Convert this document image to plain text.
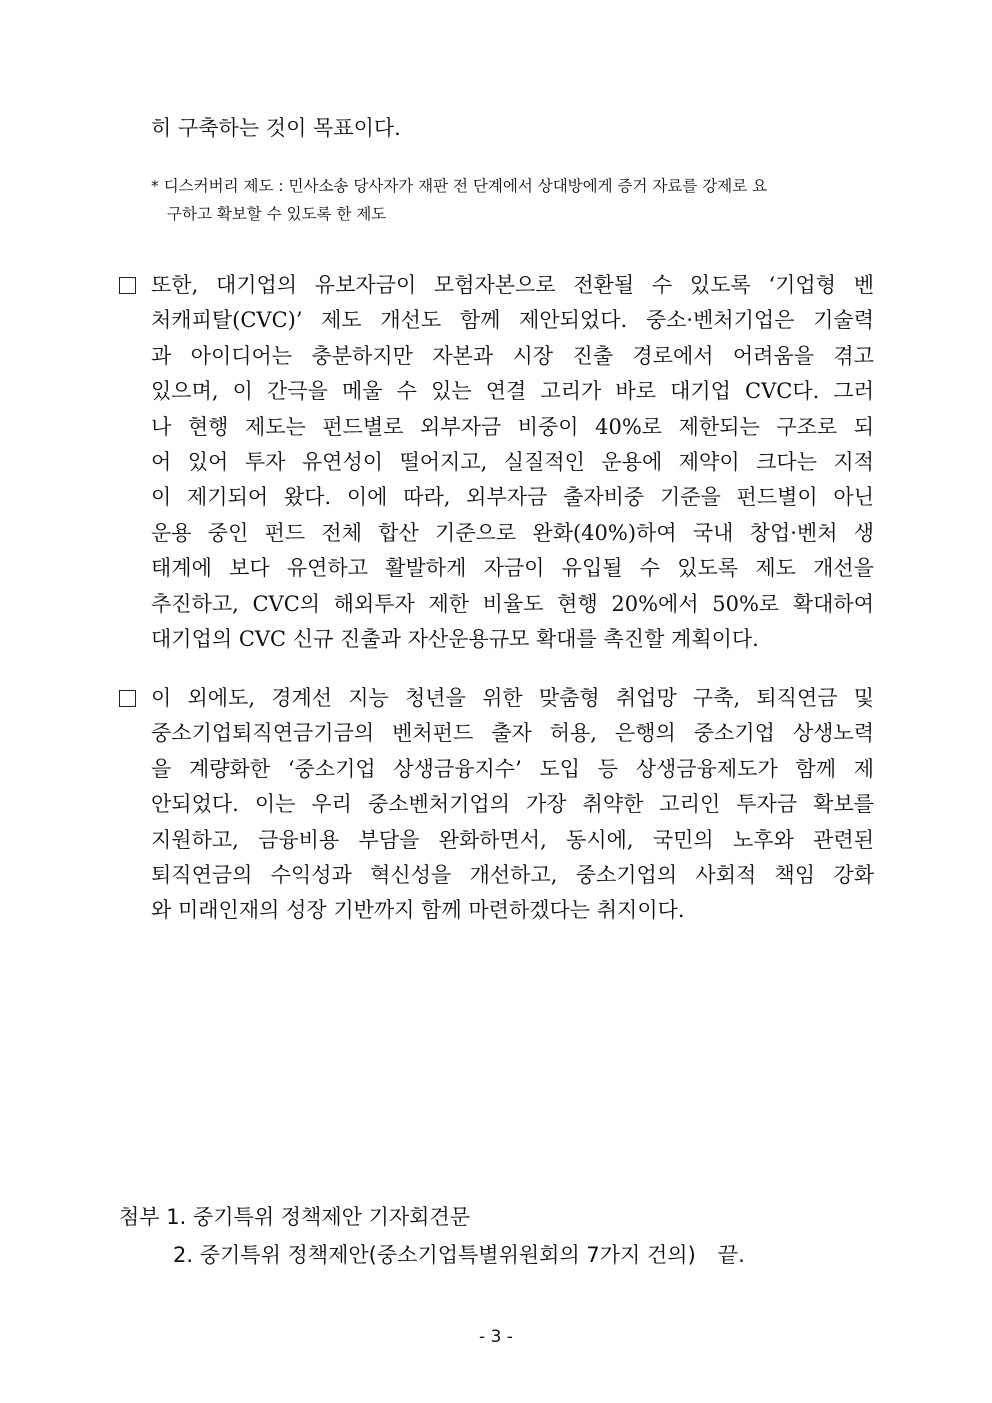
히 구축하는 것이 목표이다.
* 디스커버리 제도 : 민사소송 당사자가 재판 전 단계에서 상대방에게 증거 자료를 강제로 요
구하고 확보할 수 있도록 한 제도
또한, 대기업의 유보자금이 모험자본으로 전환될 수 있도록 ‘기업형 벤
처캐피탈(CVC)’ 제도 개선도 함께 제안되었다. 중소·벤처기업은 기술력
과 아이디어는 충분하지만 자본과 시장 진출 경로에서 어려움을 겪고
있으며, 이 간극을 메울 수 있는 연결 고리가 바로 대기업 CVC다. 그러
나 현행 제도는 펀드별로 외부자금 비중이 40%로 제한되는 구조로 되
어 있어 투자 유연성이 떨어지고, 실질적인 운용에 제약이 크다는 지적
이 제기되어 왔다. 이에 따라, 외부자금 출자비중 기준을 펀드별이 아닌
운용 중인 펀드 전체 합산 기준으로 완화(40%)하여 국내 창업·벤처 생
태계에 보다 유연하고 활발하게 자금이 유입될 수 있도록 제도 개선을
추진하고, CVC의 해외투자 제한 비율도 현행 20%에서 50%로 확대하여
대기업의 CVC 신규 진출과 자산운용규모 확대를 촉진할 계획이다.
이 외에도, 경계선 지능 청년을 위한 맞춤형 취업망 구축, 퇴직연금 및
중소기업퇴직연금기금의 벤처펀드 출자 허용, 은행의 중소기업 상생노력
을 계량화한 ‘중소기업 상생금융지수’ 도입 등 상생금융제도가 함께 제
안되었다. 이는 우리 중소벤처기업의 가장 취약한 고리인 투자금 확보를
지원하고, 금융비용 부담을 완화하면서, 동시에, 국민의 노후와 관련된
퇴직연금의 수익성과 혁신성을 개선하고, 중소기업의 사회적 책임 강화
와 미래인재의 성장 기반까지 함께 마련하겠다는 취지이다.
첨부 1. 중기특위 정책제안 기자회견문
2. 중기특위 정책제안(중소기업특별위원회의 7가지 건의) 끝.
- 3 -
